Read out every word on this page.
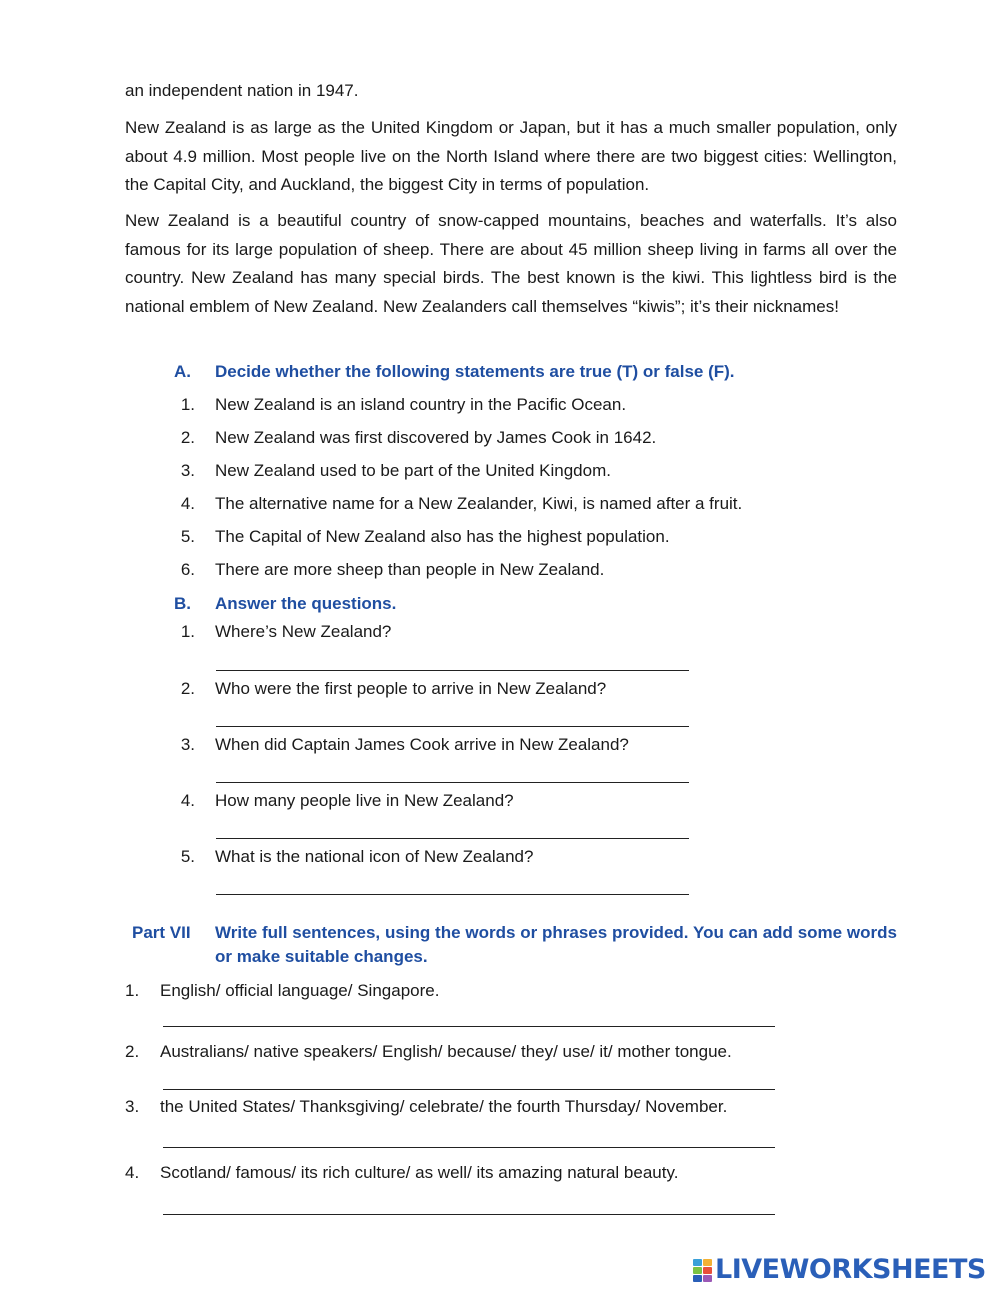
an independent nation in 1947.

New Zealand is as large as the United Kingdom or Japan, but it has a much smaller population, only about 4.9 million. Most people live on the North Island where there are two biggest cities: Wellington, the Capital City, and Auckland, the biggest City in terms of population.

New Zealand is a beautiful country of snow-capped mountains, beaches and waterfalls. It’s also famous for its large population of sheep. There are about 45 million sheep living in farms all over the country. New Zealand has many special birds. The best known is the kiwi. This lightless bird is the national emblem of New Zealand. New Zealanders call themselves “kiwis”; it’s their nicknames!

A.	Decide whether the following statements are true (T) or false (F).
1. New Zealand is an island country in the Pacific Ocean.
2. New Zealand was first discovered by James Cook in 1642.
3. New Zealand used to be part of the United Kingdom.
4. The alternative name for a New Zealander, Kiwi, is named after a fruit.
5. The Capital of New Zealand also has the highest population.
6. There are more sheep than people in New Zealand.
B.	Answer the questions.
1. Where’s New Zealand?
2. Who were the first people to arrive in New Zealand?
3. When did Captain James Cook arrive in New Zealand?
4. How many people live in New Zealand?
5. What is the national icon of New Zealand?
Part VII	Write full sentences, using the words or phrases provided. You can add some words or make suitable changes.
1.	English/ official language/ Singapore.
2.	Australians/ native speakers/ English/ because/ they/ use/ it/ mother tongue.
3.	the United States/ Thanksgiving/ celebrate/ the fourth Thursday/ November.
4.	Scotland/ famous/ its rich culture/ as well/ its amazing natural beauty.
LIVEWORKSHEETS
